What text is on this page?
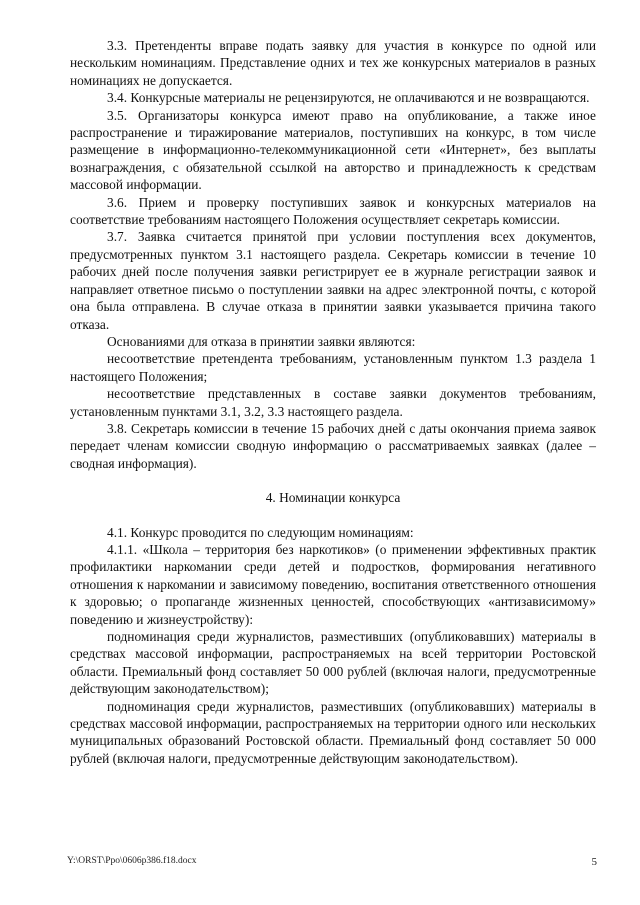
3.3. Претенденты вправе подать заявку для участия в конкурсе по одной или нескольким номинациям. Представление одних и тех же конкурсных материалов в разных номинациях не допускается.

3.4. Конкурсные материалы не рецензируются, не оплачиваются и не возвращаются.

3.5. Организаторы конкурса имеют право на опубликование, а также иное распространение и тиражирование материалов, поступивших на конкурс, в том числе размещение в информационно-телекоммуникационной сети «Интернет», без выплаты вознаграждения, с обязательной ссылкой на авторство и принадлежность к средствам массовой информации.

3.6. Прием и проверку поступивших заявок и конкурсных материалов на соответствие требованиям настоящего Положения осуществляет секретарь комиссии.

3.7. Заявка считается принятой при условии поступления всех документов, предусмотренных пунктом 3.1 настоящего раздела. Секретарь комиссии в течение 10 рабочих дней после получения заявки регистрирует ее в журнале регистрации заявок и направляет ответное письмо о поступлении заявки на адрес электронной почты, с которой она была отправлена. В случае отказа в принятии заявки указывается причина такого отказа.

Основаниями для отказа в принятии заявки являются:

несоответствие претендента требованиям, установленным пунктом 1.3 раздела 1 настоящего Положения;

несоответствие представленных в составе заявки документов требованиям, установленным пунктами 3.1, 3.2, 3.3 настоящего раздела.

3.8. Секретарь комиссии в течение 15 рабочих дней с даты окончания приема заявок передает членам комиссии сводную информацию о рассматриваемых заявках (далее – сводная информация).

4. Номинации конкурса

4.1. Конкурс проводится по следующим номинациям:

4.1.1. «Школа – территория без наркотиков» (о применении эффективных практик профилактики наркомании среди детей и подростков, формирования негативного отношения к наркомании и зависимому поведению, воспитания ответственного отношения к здоровью; о пропаганде жизненных ценностей, способствующих «антизависимому» поведению и жизнеустройству):

подноминация среди журналистов, разместивших (опубликовавших) материалы в средствах массовой информации, распространяемых на всей территории Ростовской области. Премиальный фонд составляет 50 000 рублей (включая налоги, предусмотренные действующим законодательством);

подноминация среди журналистов, разместивших (опубликовавших) материалы в средствах массовой информации, распространяемых на территории одного или нескольких муниципальных образований Ростовской области. Премиальный фонд составляет 50 000 рублей (включая налоги, предусмотренные действующим законодательством).

Y:\ORST\Ppo\0606p386.f18.docx	5
